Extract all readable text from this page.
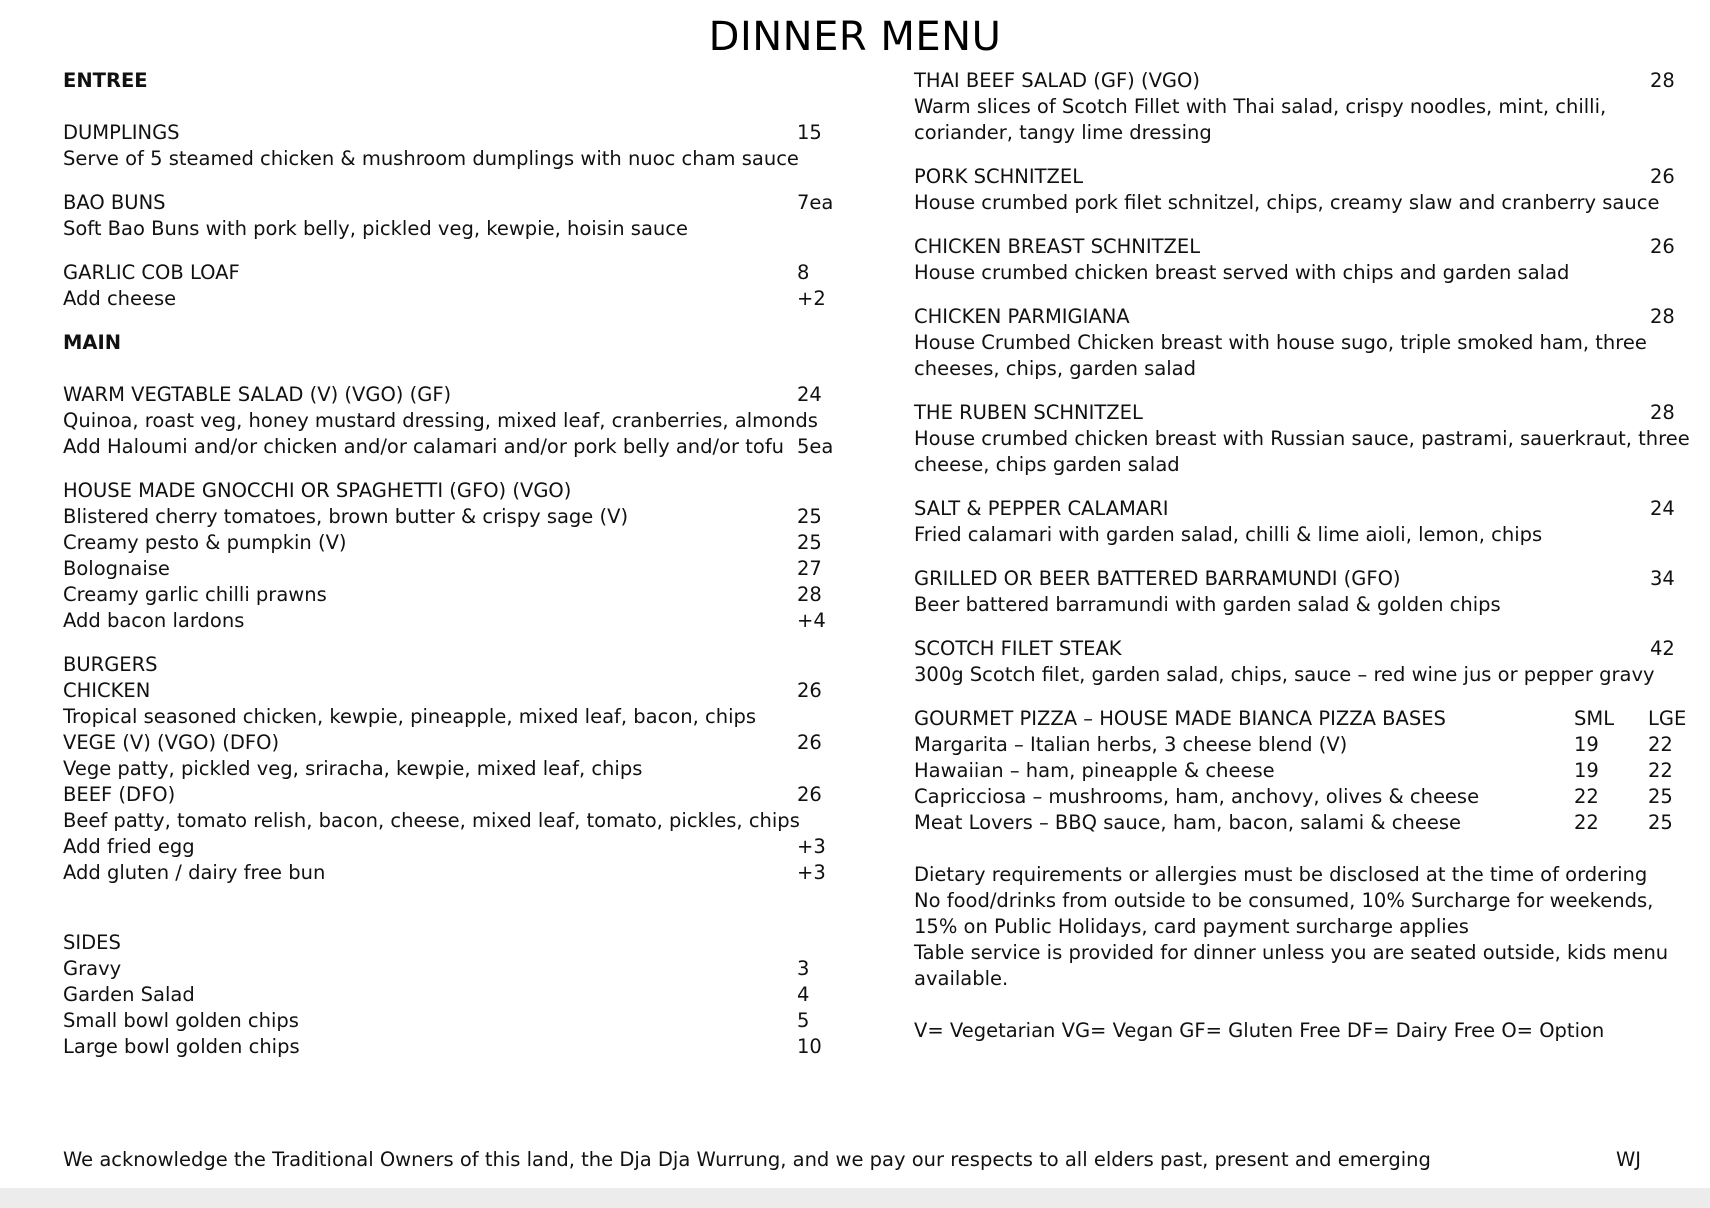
DINNER MENU
ENTREE
DUMPLINGS	15
Serve of 5 steamed chicken & mushroom dumplings with nuoc cham sauce
BAO BUNS	7ea
Soft Bao Buns with pork belly, pickled veg, kewpie, hoisin sauce
GARLIC COB LOAF	8
Add cheese	+2
MAIN
WARM VEGTABLE SALAD (V) (VGO) (GF)	24
Quinoa, roast veg, honey mustard dressing, mixed leaf, cranberries, almonds
Add Haloumi and/or chicken and/or calamari and/or pork belly and/or tofu 5ea
HOUSE MADE GNOCCHI OR SPAGHETTI (GFO) (VGO)
Blistered cherry tomatoes, brown butter & crispy sage (V)	25
Creamy pesto & pumpkin (V)	25
Bolognaise	27
Creamy garlic chilli prawns	28
Add bacon lardons	+4
BURGERS
CHICKEN	26
Tropical seasoned chicken, kewpie, pineapple, mixed leaf, bacon, chips
VEGE (V) (VGO) (DFO)	26
Vege patty, pickled veg, sriracha, kewpie, mixed leaf, chips
BEEF (DFO)	26
Beef patty, tomato relish, bacon, cheese, mixed leaf, tomato, pickles, chips
Add fried egg	+3
Add gluten / dairy free bun	+3
SIDES
Gravy	3
Garden Salad	4
Small bowl golden chips	5
Large bowl golden chips	10
THAI BEEF SALAD (GF) (VGO)	28
Warm slices of Scotch Fillet with Thai salad, crispy noodles, mint, chilli, coriander, tangy lime dressing
PORK SCHNITZEL	26
House crumbed pork filet schnitzel, chips, creamy slaw and cranberry sauce
CHICKEN BREAST SCHNITZEL	26
House crumbed chicken breast served with chips and garden salad
CHICKEN PARMIGIANA	28
House Crumbed Chicken breast with house sugo, triple smoked ham, three cheeses, chips, garden salad
THE RUBEN SCHNITZEL	28
House crumbed chicken breast with Russian sauce, pastrami, sauerkraut, three cheese, chips garden salad
SALT & PEPPER CALAMARI	24
Fried calamari with garden salad, chilli & lime aioli, lemon, chips
GRILLED OR BEER BATTERED BARRAMUNDI (GFO)	34
Beer battered barramundi with garden salad & golden chips
SCOTCH FILET STEAK	42
300g Scotch filet, garden salad, chips, sauce – red wine jus or pepper gravy
GOURMET PIZZA – HOUSE MADE BIANCA PIZZA BASES	SML LGE
Margarita – Italian herbs, 3 cheese blend (V)	19	22
Hawaiian – ham, pineapple & cheese	19	22
Capricciosa – mushrooms, ham, anchovy, olives & cheese	22	25
Meat Lovers – BBQ sauce, ham, bacon, salami & cheese	22	25

Dietary requirements or allergies must be disclosed at the time of ordering

No food/drinks from outside to be consumed, 10% Surcharge for weekends, 15% on Public Holidays, card payment surcharge applies

Table service is provided for dinner unless you are seated outside, kids menu available.

V= Vegetarian VG= Vegan GF= Gluten Free DF= Dairy Free O= Option
We acknowledge the Traditional Owners of this land, the Dja Dja Wurrung, and we pay our respects to all elders past, present and emerging	WJ
